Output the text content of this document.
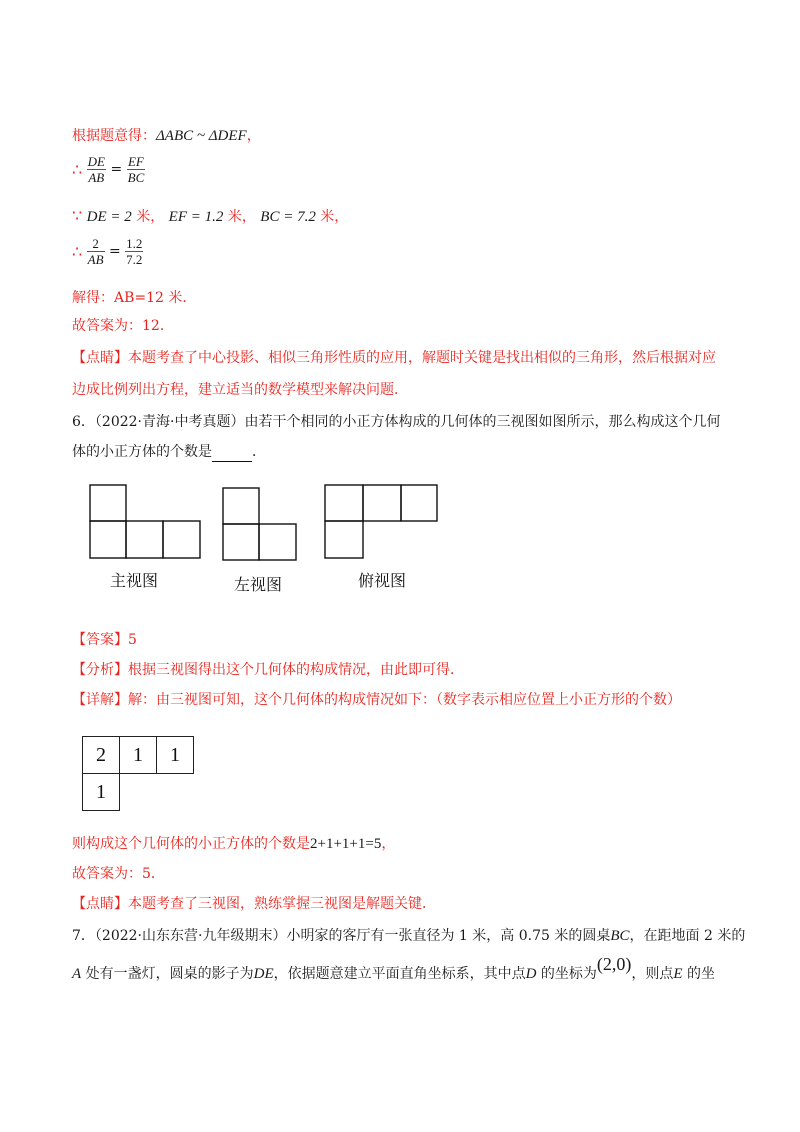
根据题意得：ΔABC ~ ΔDEF，
∴ $\frac{DE}{AB} = \frac{EF}{BC}$
∵ DE = 2 米， EF = 1.2 米， BC = 7.2 米，
∴ $\frac{2}{AB} = \frac{1.2}{7.2}$
解得：AB=12 米．
故答案为：12．
【点睛】本题考查了中心投影、相似三角形性质的应用，解题时关键是找出相似的三角形，然后根据对应
边成比例列出方程，建立适当的数学模型来解决问题．
6．（2022·青海·中考真题）由若干个相同的小正方体构成的几何体的三视图如图所示，那么构成这个几何
体的小正方体的个数是	．
主视图	左视图	俯视图
【答案】5
【分析】根据三视图得出这个几何体的构成情况，由此即可得．
【详解】解：由三视图可知，这个几何体的构成情况如下：（数字表示相应位置上小正方形的个数）
2	1	1
1		
则构成这个几何体的小正方体的个数是2+1+1+1=5，
故答案为：5．
【点睛】本题考查了三视图，熟练掌握三视图是解题关键．
7．（2022·山东东营·九年级期末）小明家的客厅有一张直径为 1 米，高 0.75 米的圆桌BC，在距地面 2 米的
A 处有一盏灯，圆桌的影子为DE，依据题意建立平面直角坐标系，其中点D 的坐标为(2,0)，则点E 的坐
